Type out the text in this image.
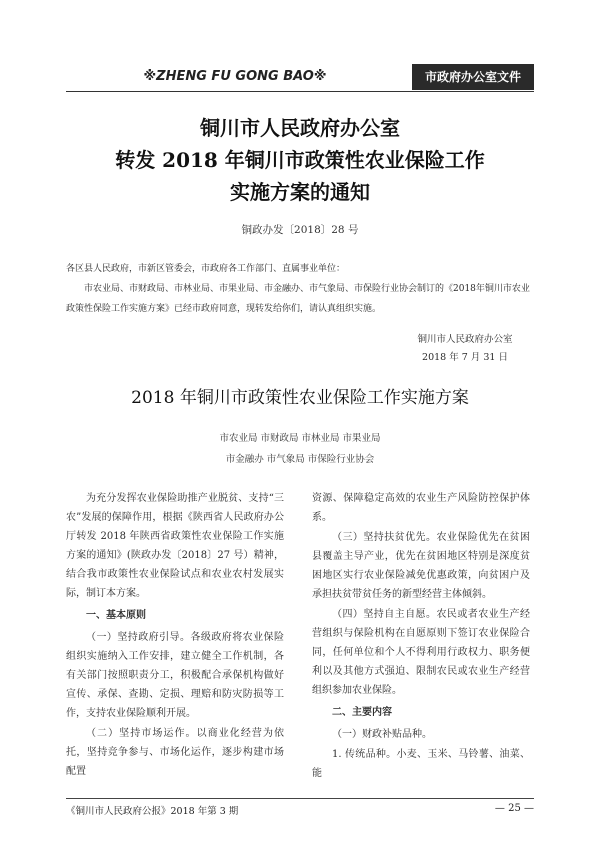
※ZHENG FU GONG BAO※	市政府办公室文件
铜川市人民政府办公室
转发 2018 年铜川市政策性农业保险工作
实施方案的通知
铜政办发〔2018〕28 号

各区县人民政府，市新区管委会，市政府各工作部门、直属事业单位：

市农业局、市财政局、市林业局、市果业局、市金融办、市气象局、市保险行业协会制订的《2018年铜川市农业政策性保险工作实施方案》已经市政府同意，现转发给你们，请认真组织实施。

铜川市人民政府办公室
2018 年 7 月 31 日
2018 年铜川市政策性农业保险工作实施方案
市农业局 市财政局 市林业局 市果业局
市金融办 市气象局 市保险行业协会

为充分发挥农业保险助推产业脱贫、支持“三农”发展的保障作用，根据《陕西省人民政府办公厅转发 2018 年陕西省政策性农业保险工作实施方案的通知》(陕政办发〔2018〕27 号）精神，结合我市政策性农业保险试点和农业农村发展实际，制订本方案。

一、基本原则

（一）坚持政府引导。各级政府将农业保险组织实施纳入工作安排，建立健全工作机制，各有关部门按照职责分工，积极配合承保机构做好宣传、承保、查勘、定损、理赔和防灾防损等工作，支持农业保险顺利开展。

（二）坚持市场运作。以商业化经营为依托，坚持竞争参与、市场化运作，逐步构建市场配置

资源、保障稳定高效的农业生产风险防控保护体系。

（三）坚持扶贫优先。农业保险优先在贫困县覆盖主导产业，优先在贫困地区特别是深度贫困地区实行农业保险减免优惠政策，向贫困户及承担扶贫带贫任务的新型经营主体倾斜。

（四）坚持自主自愿。农民或者农业生产经营组织与保险机构在自愿原则下签订农业保险合同，任何单位和个人不得利用行政权力、职务便利以及其他方式强迫、限制农民或农业生产经营组织参加农业保险。

二、主要内容

（一）财政补贴品种。

1. 传统品种。小麦、玉米、马铃薯、油菜、能

《铜川市人民政府公报》2018 年第 3 期	— 25 —
